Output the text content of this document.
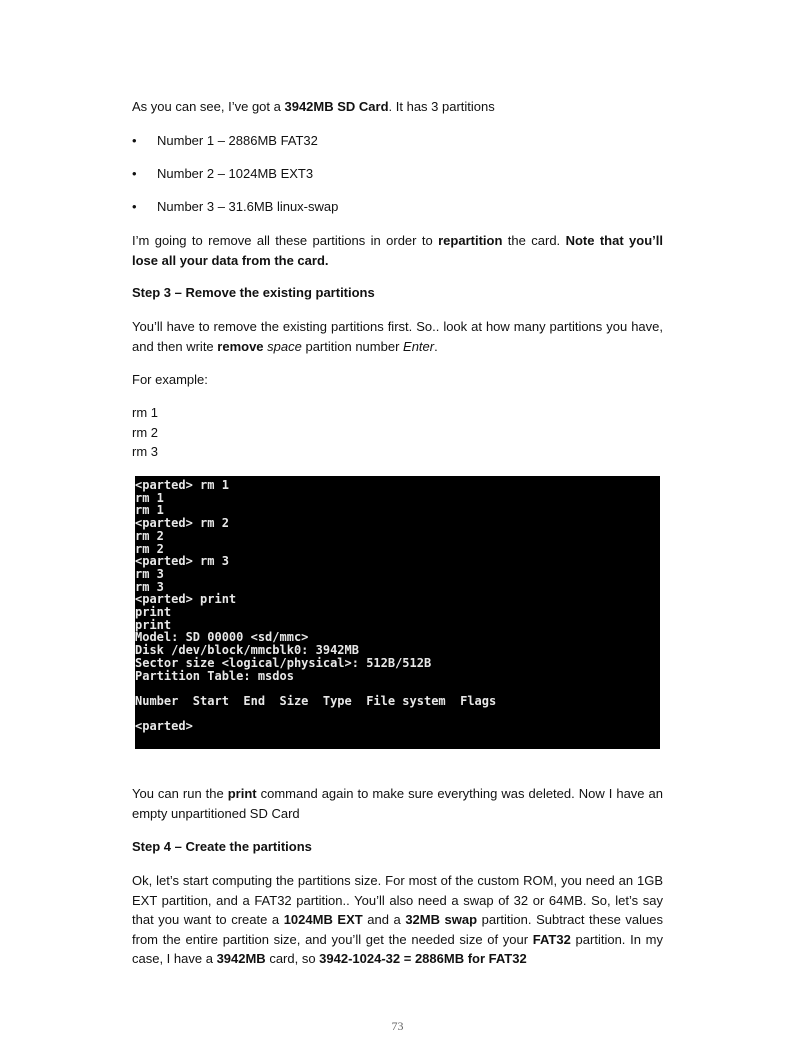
As you can see, I’ve got a 3942MB SD Card. It has 3 partitions

• Number 1 – 2886MB FAT32
• Number 2 – 1024MB EXT3
• Number 3 – 31.6MB linux-swap

I’m going to remove all these partitions in order to repartition the card. Note that you’ll lose all your data from the card.

Step 3 – Remove the existing partitions

You’ll have to remove the existing partitions first. So.. look at how many partitions you have, and then write remove space partition number Enter.

For example:

rm 1
rm 2
rm 3
<parted> rm 1
rm 1
rm 1
<parted> rm 2
rm 2
rm 2
<parted> rm 3
rm 3
rm 3
<parted> print
print
print
Model: SD 00000 <sd/mmc>
Disk /dev/block/mmcblk0: 3942MB
Sector size <logical/physical>: 512B/512B
Partition Table: msdos

Number  Start  End  Size  Type  File system  Flags

<parted>

You can run the print command again to make sure everything was deleted. Now I have an empty unpartitioned SD Card

Step 4 – Create the partitions

Ok, let’s start computing the partitions size. For most of the custom ROM, you need an 1GB EXT partition, and a FAT32 partition.. You’ll also need a swap of 32 or 64MB. So, let’s say that you want to create a 1024MB EXT and a 32MB swap partition. Subtract these values from the entire partition size, and you’ll get the needed size of your FAT32 partition. In my case, I have a 3942MB card, so 3942-1024-32 = 2886MB for FAT32

73
